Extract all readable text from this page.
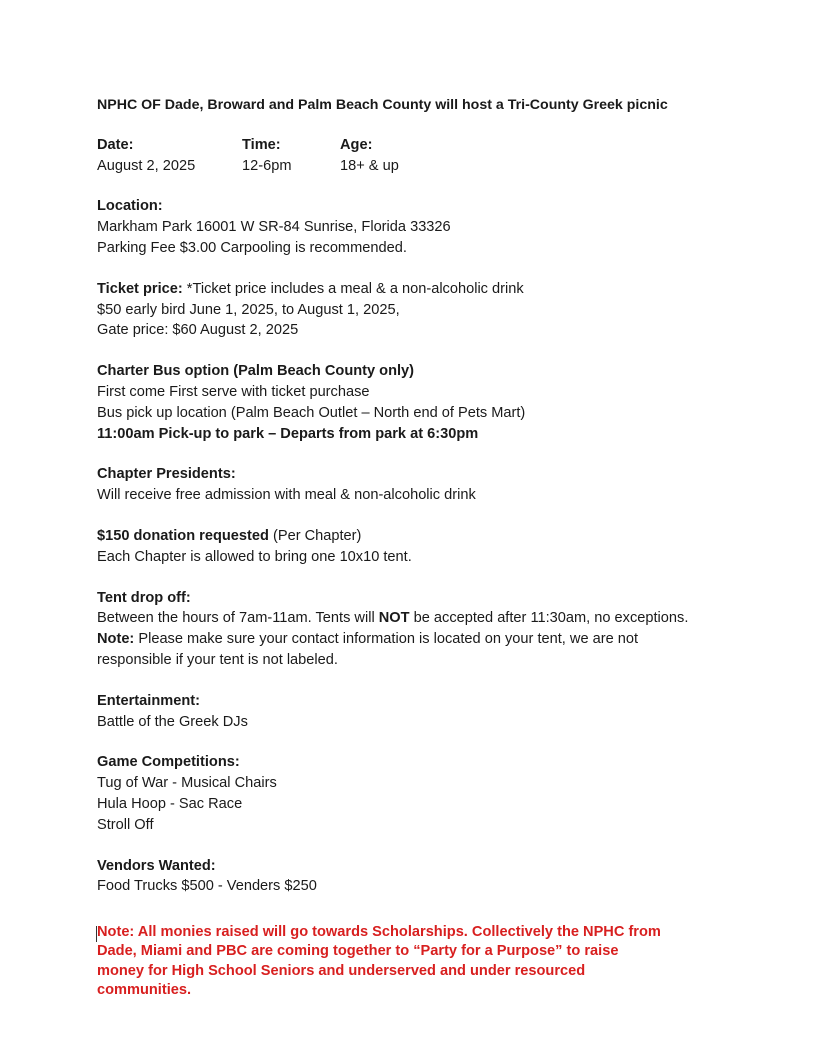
NPHC OF Dade, Broward and Palm Beach County will host a Tri-County Greek picnic
Date:
August 2, 2025
Time:
12-6pm
Age:
18+ & up
Location:
Markham Park 16001 W SR-84 Sunrise, Florida 33326
Parking Fee $3.00 Carpooling is recommended.
Ticket price: *Ticket price includes a meal & a non-alcoholic drink
$50 early bird June 1, 2025, to August 1, 2025,
Gate price: $60 August 2, 2025
Charter Bus option (Palm Beach County only)
First come First serve with ticket purchase
Bus pick up location (Palm Beach Outlet – North end of Pets Mart)
11:00am Pick-up to park – Departs from park at 6:30pm
Chapter Presidents:
Will receive free admission with meal & non-alcoholic drink
$150 donation requested (Per Chapter)
Each Chapter is allowed to bring one 10x10 tent.
Tent drop off:
Between the hours of 7am-11am. Tents will NOT be accepted after 11:30am, no exceptions.
Note: Please make sure your contact information is located on your tent, we are not
responsible if your tent is not labeled.
Entertainment:
Battle of the Greek DJs
Game Competitions:
Tug of War - Musical Chairs
Hula Hoop - Sac Race
Stroll Off
Vendors Wanted:
Food Trucks $500 - Venders $250
Note: All monies raised will go towards Scholarships. Collectively the NPHC from
Dade, Miami and PBC are coming together to “Party for a Purpose” to raise
money for High School Seniors and underserved and under resourced
communities.
